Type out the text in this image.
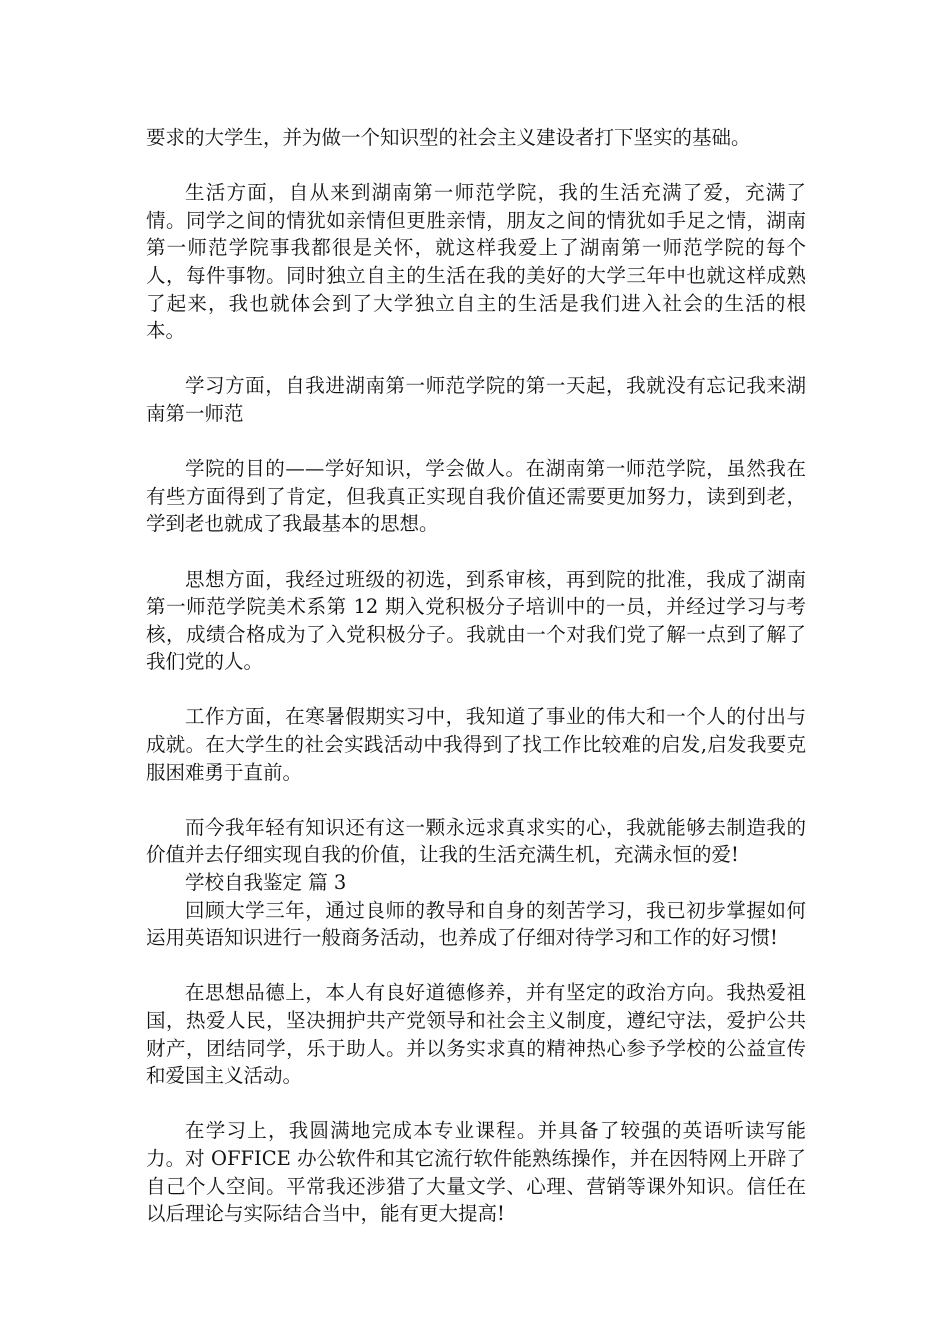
要求的大学生，并为做一个知识型的社会主义建设者打下坚实的基础。

生活方面，自从来到湖南第一师范学院，我的生活充满了爱，充满了情。同学之间的情犹如亲情但更胜亲情，朋友之间的情犹如手足之情，湖南第一师范学院事我都很是关怀，就这样我爱上了湖南第一师范学院的每个人，每件事物。同时独立自主的生活在我的美好的大学三年中也就这样成熟了起来，我也就体会到了大学独立自主的生活是我们进入社会的生活的根本。

学习方面，自我进湖南第一师范学院的第一天起，我就没有忘记我来湖南第一师范

学院的目的——学好知识，学会做人。在湖南第一师范学院，虽然我在有些方面得到了肯定，但我真正实现自我价值还需要更加努力，读到到老，学到老也就成了我最基本的思想。

思想方面，我经过班级的初选，到系审核，再到院的批准，我成了湖南第一师范学院美术系第 12 期入党积极分子培训中的一员，并经过学习与考核，成绩合格成为了入党积极分子。我就由一个对我们党了解一点到了解了我们党的人。

工作方面，在寒暑假期实习中，我知道了事业的伟大和一个人的付出与成就。在大学生的社会实践活动中我得到了找工作比较难的启发,启发我要克服困难勇于直前。

而今我年轻有知识还有这一颗永远求真求实的心，我就能够去制造我的价值并去仔细实现自我的价值，让我的生活充满生机，充满永恒的爱!

学校自我鉴定 篇 3

回顾大学三年，通过良师的教导和自身的刻苦学习，我已初步掌握如何运用英语知识进行一般商务活动，也养成了仔细对待学习和工作的好习惯!

在思想品德上，本人有良好道德修养，并有坚定的政治方向。我热爱祖国，热爱人民，坚决拥护共产党领导和社会主义制度，遵纪守法，爱护公共财产，团结同学，乐于助人。并以务实求真的精神热心参予学校的公益宣传和爱国主义活动。

在学习上，我圆满地完成本专业课程。并具备了较强的英语听读写能力。对 OFFICE 办公软件和其它流行软件能熟练操作，并在因特网上开辟了自己个人空间。平常我还涉猎了大量文学、心理、营销等课外知识。信任在以后理论与实际结合当中，能有更大提高!
